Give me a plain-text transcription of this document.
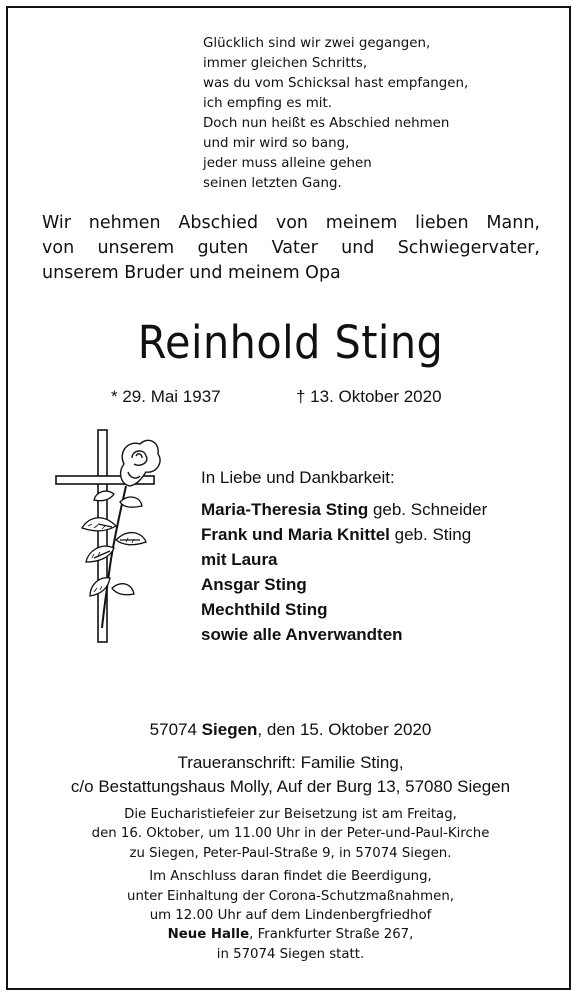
Glücklich sind wir zwei gegangen,
immer gleichen Schritts,
was du vom Schicksal hast empfangen,
ich empfing es mit.
Doch nun heißt es Abschied nehmen
und mir wird so bang,
jeder muss alleine gehen
seinen letzten Gang.
Wir nehmen Abschied von meinem lieben Mann,
von unserem guten Vater und Schwiegervater,
unserem Bruder und meinem Opa
Reinhold Sting
* 29. Mai 1937	† 13. Oktober 2020
In Liebe und Dankbarkeit:
Maria-Theresia Sting geb. Schneider
Frank und Maria Knittel geb. Sting
mit Laura
Ansgar Sting
Mechthild Sting
sowie alle Anverwandten
57074 Siegen, den 15. Oktober 2020
Traueranschrift: Familie Sting,
c/o Bestattungshaus Molly, Auf der Burg 13, 57080 Siegen
Die Eucharistiefeier zur Beisetzung ist am Freitag,
den 16. Oktober, um 11.00 Uhr in der Peter-und-Paul-Kirche
zu Siegen, Peter-Paul-Straße 9, in 57074 Siegen.
Im Anschluss daran findet die Beerdigung,
unter Einhaltung der Corona-Schutzmaßnahmen,
um 12.00 Uhr auf dem Lindenbergfriedhof
Neue Halle, Frankfurter Straße 267,
in 57074 Siegen statt.
